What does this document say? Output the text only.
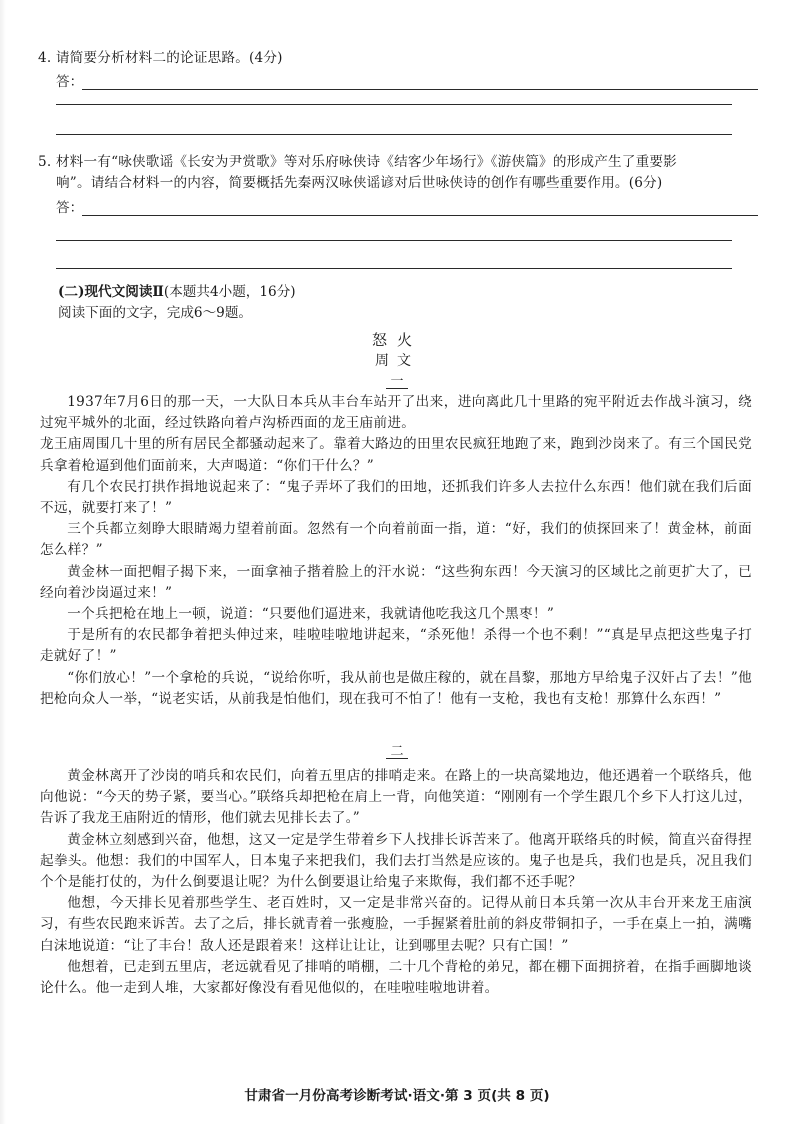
4. 请简要分析材料二的论证思路。(4分)
答：
5. 材料一有“咏侠歌谣《长安为尹赏歌》等对乐府咏侠诗《结客少年场行》《游侠篇》的形成产生了重要影
响”。请结合材料一的内容，简要概括先秦两汉咏侠谣谚对后世咏侠诗的创作有哪些重要作用。(6分)
答：
(二)现代文阅读Ⅱ(本题共4小题，16分)
阅读下面的文字，完成6～9题。
怒火
周文
一

1937年7月6日的那一天，一大队日本兵从丰台车站开了出来，进向离此几十里路的宛平附近去作战斗演习，绕过宛平城外的北面，经过铁路向着卢沟桥西面的龙王庙前进。

龙王庙周围几十里的所有居民全都骚动起来了。靠着大路边的田里农民疯狂地跑了来，跑到沙岗来了。有三个国民党兵拿着枪逼到他们面前来，大声喝道：“你们干什么？”

有几个农民打拱作揖地说起来了：“鬼子弄坏了我们的田地，还抓我们许多人去拉什么东西！他们就在我们后面不远，就要打来了！”

三个兵都立刻睁大眼睛竭力望着前面。忽然有一个向着前面一指，道：“好，我们的侦探回来了！黄金林，前面怎么样？”

黄金林一面把帽子揭下来，一面拿袖子揩着脸上的汗水说：“这些狗东西！今天演习的区域比之前更扩大了，已经向着沙岗逼过来！”

一个兵把枪在地上一顿，说道：“只要他们逼进来，我就请他吃我这几个黑枣！”

于是所有的农民都争着把头伸过来，哇啦哇啦地讲起来，“杀死他！杀得一个也不剩！”“真是早点把这些鬼子打走就好了！”

“你们放心！”一个拿枪的兵说，“说给你听，我从前也是做庄稼的，就在昌黎，那地方早给鬼子汉奸占了去！”他把枪向众人一举，“说老实话，从前我是怕他们，现在我可不怕了！他有一支枪，我也有支枪！那算什么东西！”

二

黄金林离开了沙岗的哨兵和农民们，向着五里店的排哨走来。在路上的一块高粱地边，他还遇着一个联络兵，他向他说：“今天的势子紧，要当心。”联络兵却把枪在肩上一背，向他笑道：“刚刚有一个学生跟几个乡下人打这儿过，告诉了我龙王庙附近的情形，他们就去见排长去了。”

黄金林立刻感到兴奋，他想，这又一定是学生带着乡下人找排长诉苦来了。他离开联络兵的时候，简直兴奋得捏起拳头。他想：我们的中国军人，日本鬼子来把我们，我们去打当然是应该的。鬼子也是兵，我们也是兵，况且我们个个是能打仗的，为什么倒要退让呢？为什么倒要退让给鬼子来欺侮，我们都不还手呢？

他想，今天排长见着那些学生、老百姓时，又一定是非常兴奋的。记得从前日本兵第一次从丰台开来龙王庙演习，有些农民跑来诉苦。去了之后，排长就青着一张瘦脸，一手握紧着肚前的斜皮带铜扣子，一手在桌上一拍，满嘴白沫地说道：“让了丰台！敌人还是跟着来！这样让让让，让到哪里去呢？只有亡国！”

他想着，已走到五里店，老远就看见了排哨的哨棚，二十几个背枪的弟兄，都在棚下面拥挤着，在指手画脚地谈论什么。他一走到人堆，大家都好像没有看见他似的，在哇啦哇啦地讲着。

甘肃省一月份高考诊断考试·语文·第 3 页(共 8 页)
